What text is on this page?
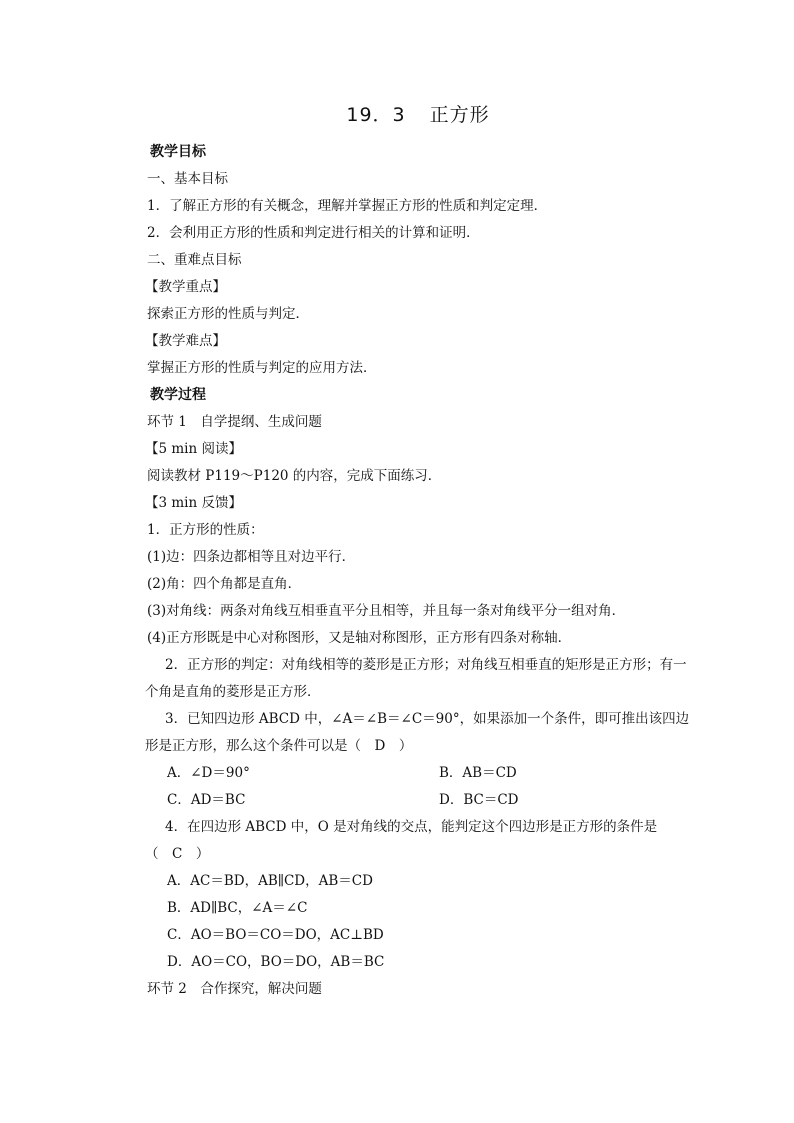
19．3 正方形
教学目标
一、基本目标
1．了解正方形的有关概念，理解并掌握正方形的性质和判定定理．
2．会利用正方形的性质和判定进行相关的计算和证明．
二、重难点目标
【教学重点】
探索正方形的性质与判定．
【教学难点】
掌握正方形的性质与判定的应用方法．
教学过程
环节 1　自学提纲、生成问题
【5 min 阅读】
阅读教材 P119～P120 的内容，完成下面练习．
【3 min 反馈】
1．正方形的性质：
(1)边：四条边都相等且对边平行．
(2)角：四个角都是直角．
(3)对角线：两条对角线互相垂直平分且相等，并且每一条对角线平分一组对角．
(4)正方形既是中心对称图形，又是轴对称图形，正方形有四条对称轴．
2．正方形的判定：对角线相等的菱形是正方形；对角线互相垂直的矩形是正方形；有一
个角是直角的菱形是正方形．
3．已知四边形 ABCD 中，∠A＝∠B＝∠C＝90°，如果添加一个条件，即可推出该四边
形是正方形，那么这个条件可以是（　D　）
A．∠D＝90°	B．AB＝CD
C．AD＝BC	D．BC＝CD
4．在四边形 ABCD 中，O 是对角线的交点，能判定这个四边形是正方形的条件是
（　C　）
A．AC＝BD，AB∥CD，AB＝CD
B．AD∥BC，∠A＝∠C
C．AO＝BO＝CO＝DO，AC⊥BD
D．AO＝CO，BO＝DO，AB＝BC
环节 2　合作探究，解决问题
